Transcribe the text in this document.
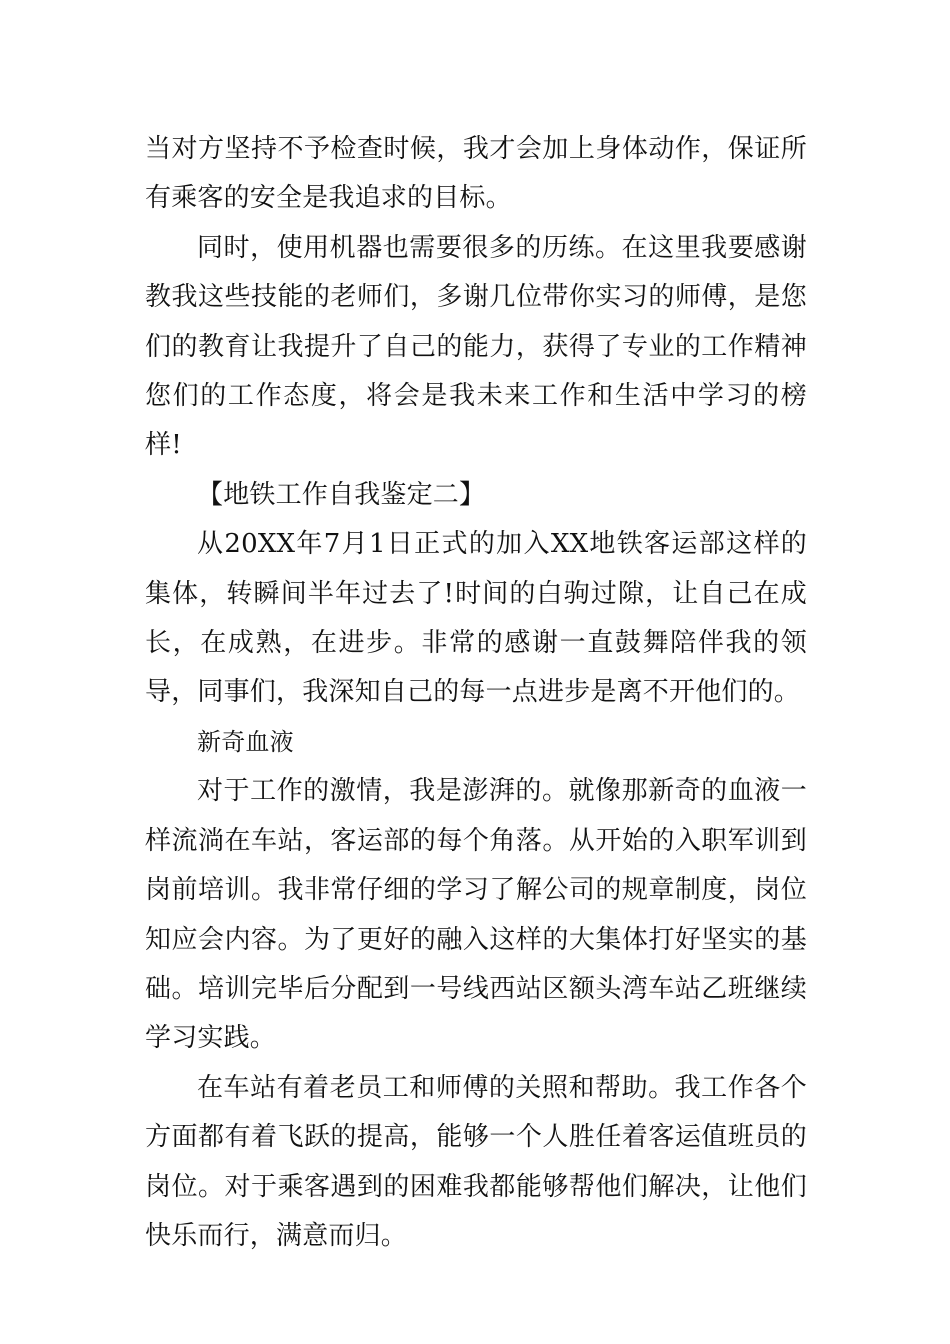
当对方坚持不予检查时候，我才会加上身体动作，保证所有乘客的安全是我追求的目标。

同时，使用机器也需要很多的历练。在这里我要感谢教我这些技能的老师们，多谢几位带你实习的师傅，是您们的教育让我提升了自己的能力，获得了专业的工作精神您们的工作态度，将会是我未来工作和生活中学习的榜样!

【地铁工作自我鉴定二】

从20XX年7月1日正式的加入XX地铁客运部这样的集体，转瞬间半年过去了!时间的白驹过隙，让自己在成长，在成熟，在进步。非常的感谢一直鼓舞陪伴我的领导，同事们，我深知自己的每一点进步是离不开他们的。

新奇血液

对于工作的激情，我是澎湃的。就像那新奇的血液一样流淌在车站，客运部的每个角落。从开始的入职军训到岗前培训。我非常仔细的学习了解公司的规章制度，岗位知应会内容。为了更好的融入这样的大集体打好坚实的基础。培训完毕后分配到一号线西站区额头湾车站乙班继续学习实践。

在车站有着老员工和师傅的关照和帮助。我工作各个方面都有着飞跃的提高，能够一个人胜任着客运值班员的岗位。对于乘客遇到的困难我都能够帮他们解决，让他们快乐而行，满意而归。
